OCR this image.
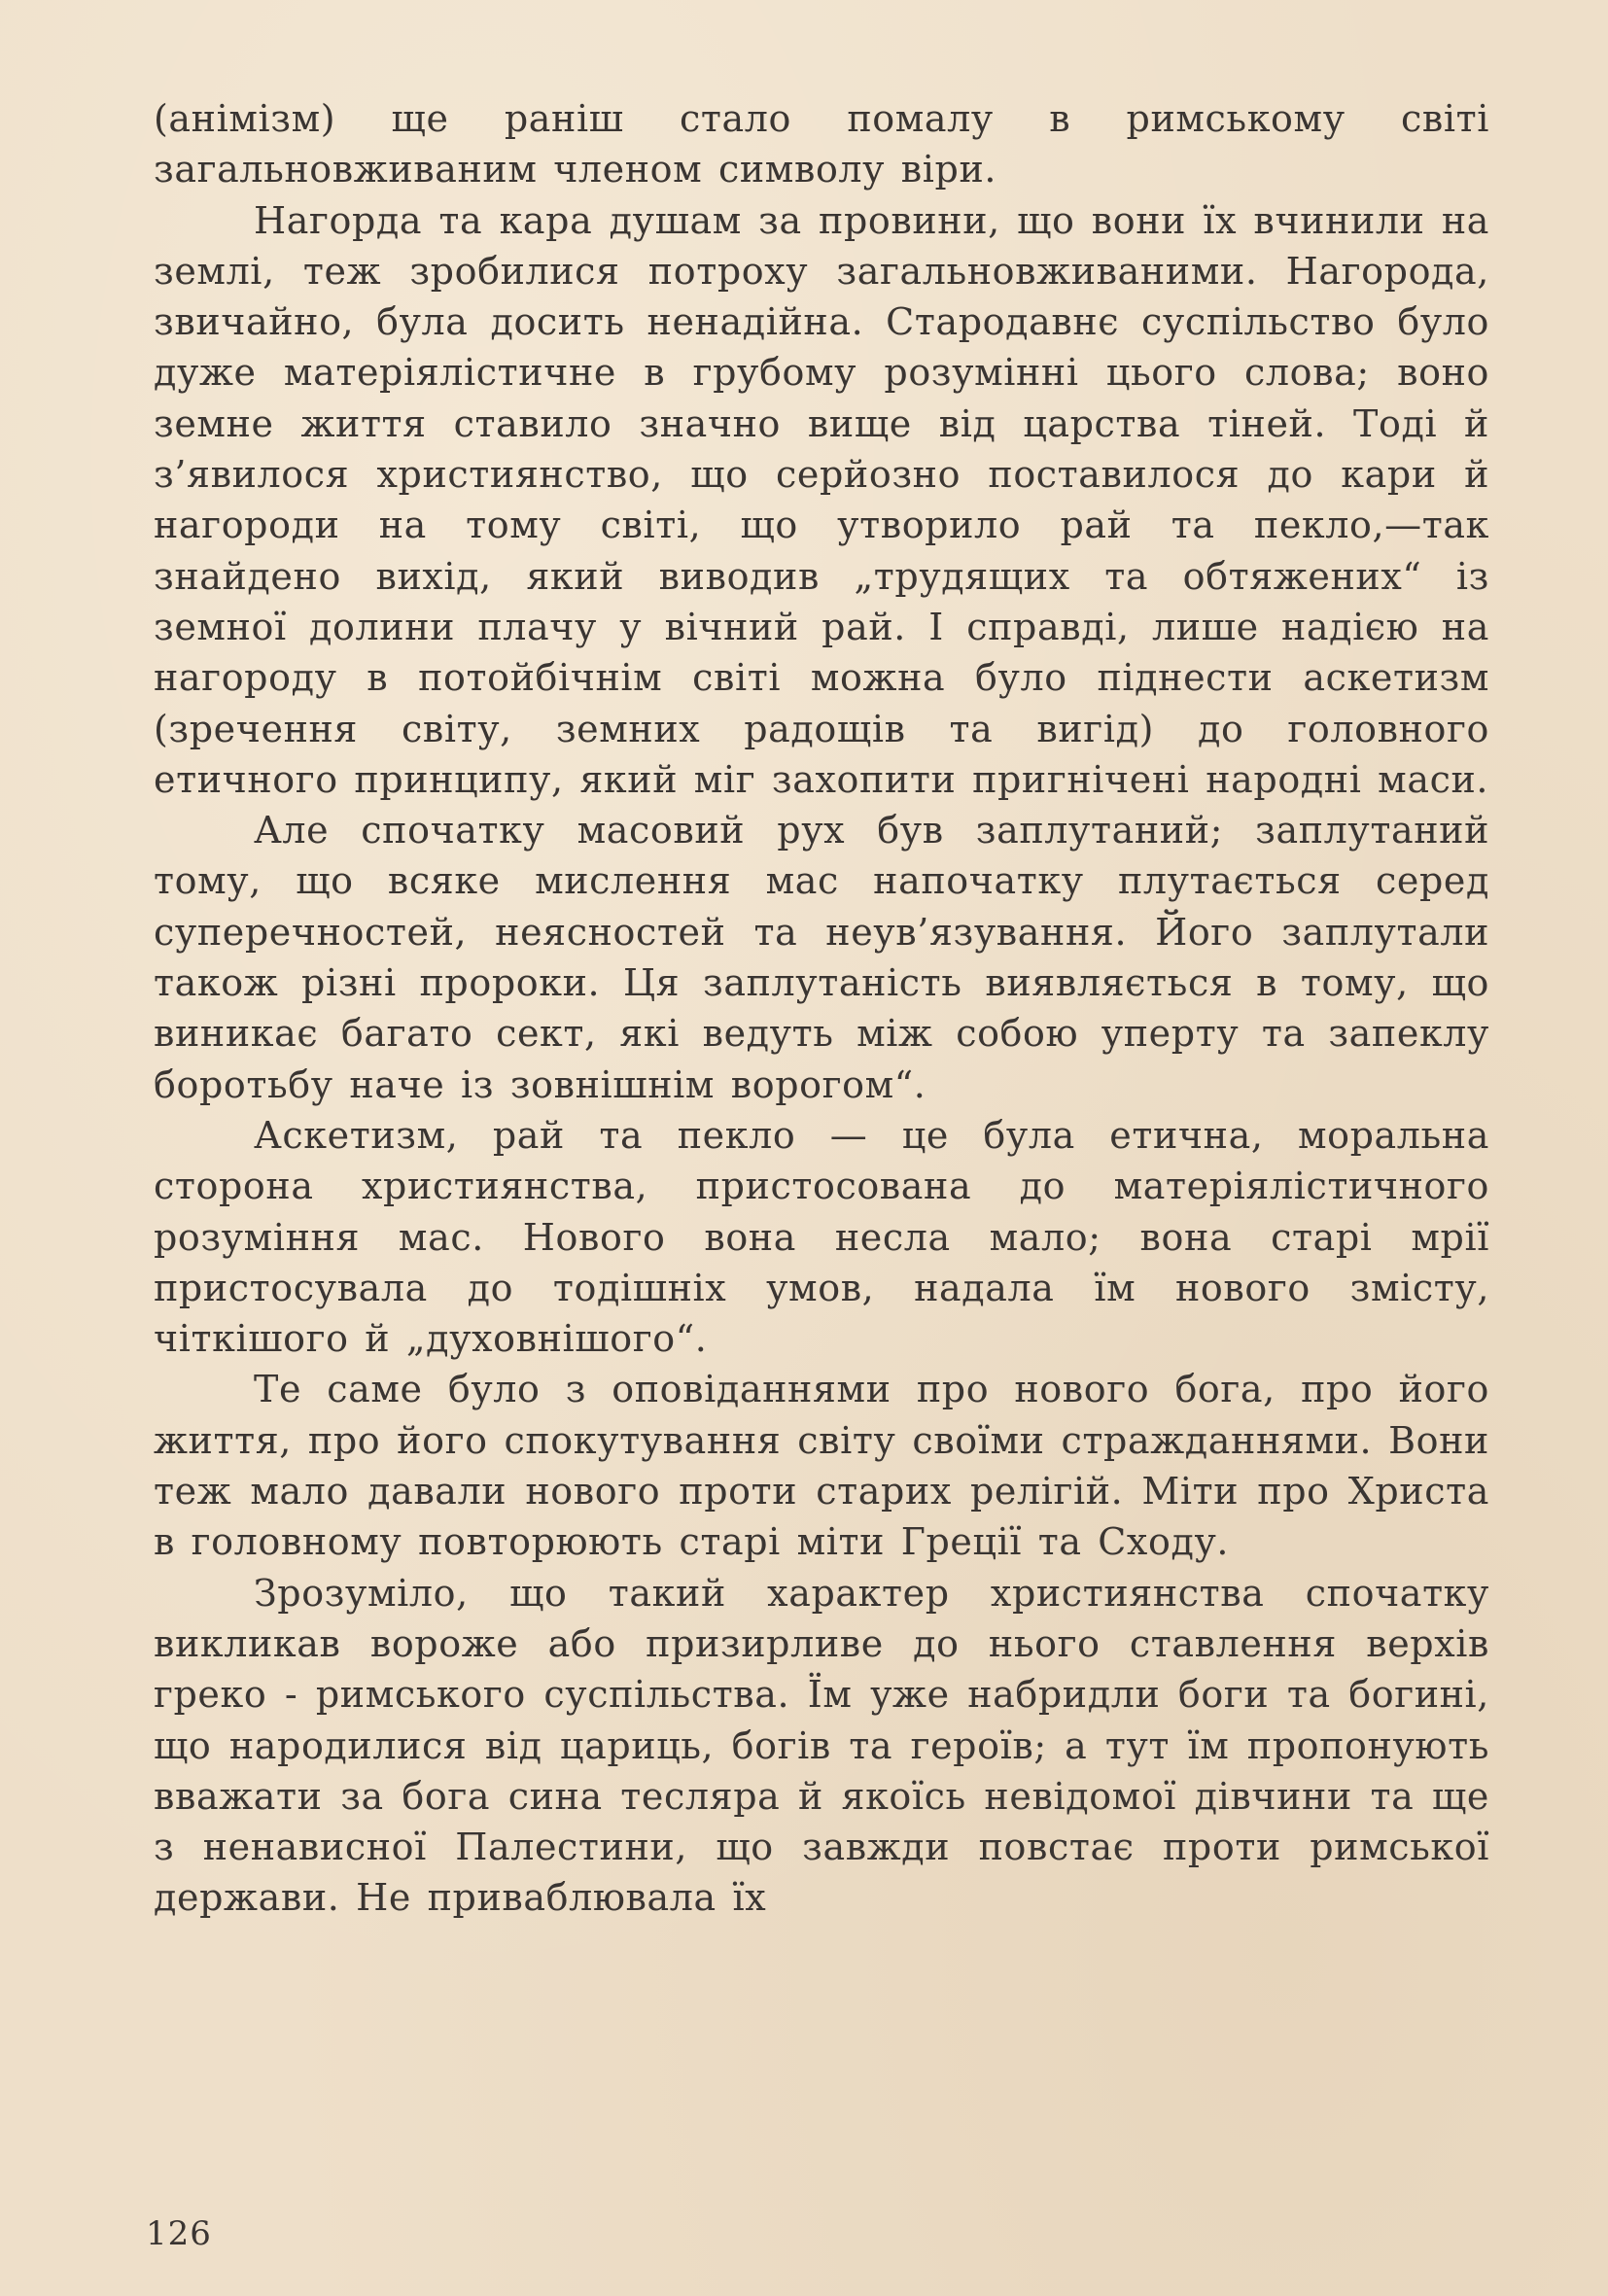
(анімізм) ще раніш стало помалу в римському світі загальновживаним членом символу віри.

Нагорда та кара душам за провини, що вони їх вчинили на землі, теж зробилися потроху загальновживаними. Нагорода, звичайно, була досить ненадійна. Стародавнє суспільство було дуже матеріялістичне в грубому розумінні цього слова; воно земне життя ставило значно вище від царства тіней. Тоді й з’явилося християнство, що серйозно поставилося до кари й нагороди на тому світі, що утворило рай та пекло,—так знайдено вихід, який виводив „трудящих та обтяжених“ із земної долини плачу у вічний рай. І справді, лише надією на нагороду в потойбічнім світі можна було піднести аскетизм (зречення світу, земних радощів та вигід) до головного етичного принципу, який міг захопити пригнічені народні маси.

Але спочатку масовий рух був заплутаний; заплутаний тому, що всяке мислення мас напочатку плутається серед суперечностей, неясностей та неув’язування. Його заплутали також різні пророки. Ця заплутаність виявляється в тому, що виникає багато сект, які ведуть між собою уперту та запеклу боротьбу наче із зовнішнім ворогом“.

Аскетизм, рай та пекло — це була етична, моральна сторона християнства, пристосована до матеріялістичного розуміння мас. Нового вона несла мало; вона старі мрії пристосувала до тодішніх умов, надала їм нового змісту, чіткішого й „духовнішого“.

Те саме було з оповіданнями про нового бога, про його життя, про його спокутування світу своїми стражданнями. Вони теж мало давали нового проти старих релігій. Міти про Христа в головному повторюють старі міти Греції та Сходу.

Зрозуміло, що такий характер християнства спочатку викликав вороже або призирливе до нього ставлення верхів греко - римського суспільства. Їм уже набридли боги та богині, що народилися від цариць, богів та героїв; а тут їм пропонують вважати за бога сина тесляра й якоїсь невідомої дівчини та ще з ненависної Палестини, що завжди повстає проти римської держави. Не приваблювала їх

126
